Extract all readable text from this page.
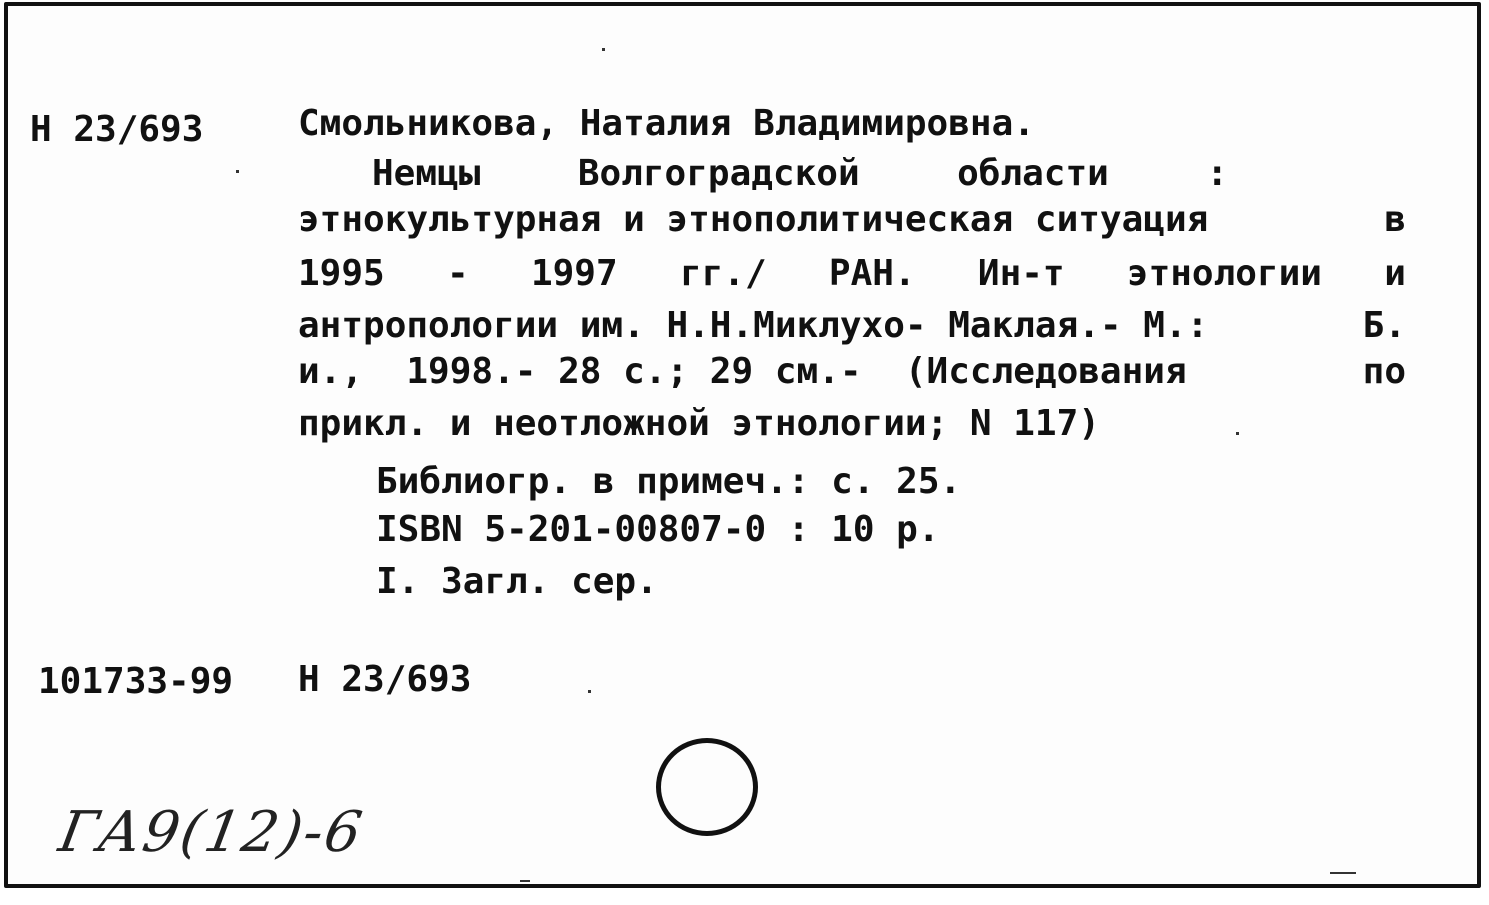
Н 23/693	Смольникова, Наталия Владимировна.
Немцы	Волгоградской	области	:
этнокультурная и этнополитическая ситуация	в
1995 - 1997 гг./ РАН. Ин-т этнологии и
антропологии им. Н.Н.Миклухо- Маклая.- М.:	Б.
и.,  1998.- 28 с.; 29 см.-  (Исследования	по
прикл. и неотложной этнологии; N 117)
Библиогр. в примеч.: с. 25.
ISBN 5-201-00807-0 : 10 р.
I. Загл. сер.
101733-99 Н 23/693
ГА9(12)-6
